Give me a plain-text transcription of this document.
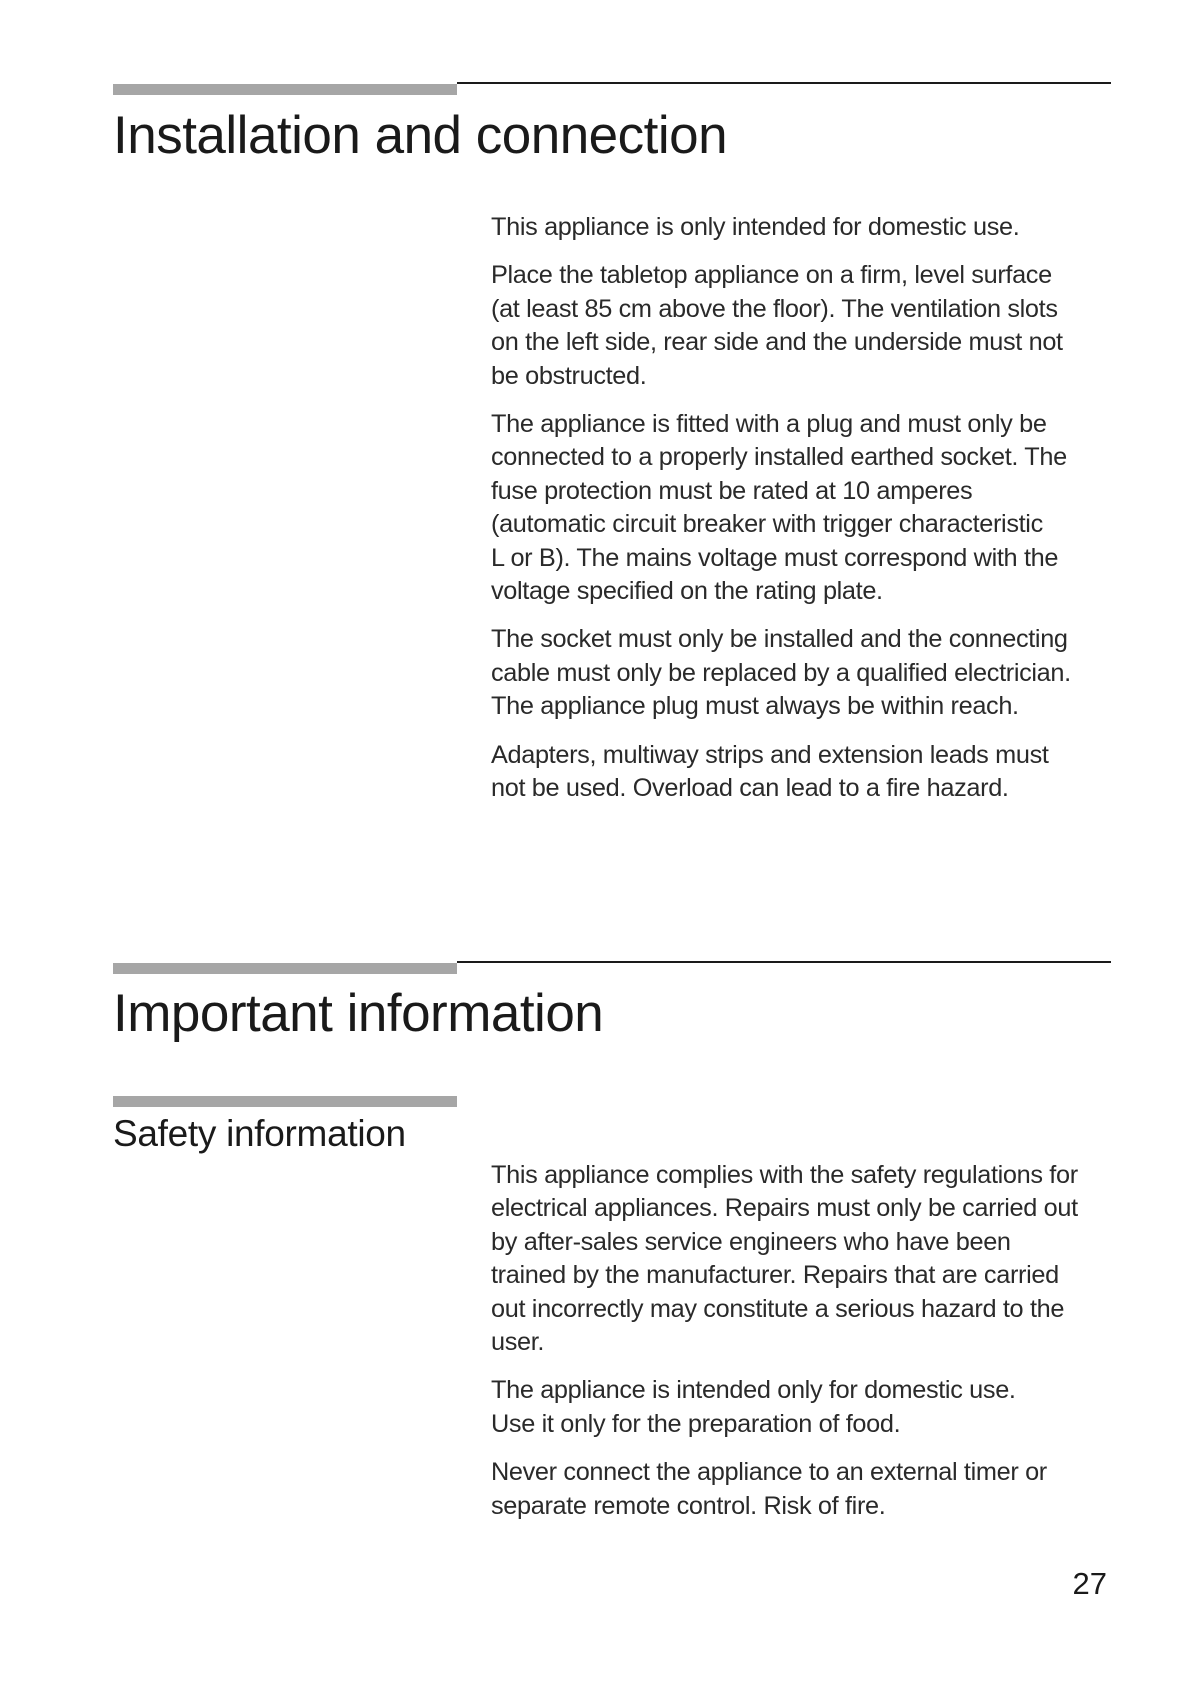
Installation and connection

This appliance is only intended for domestic use.

Place the tabletop appliance on a firm, level surface
(at least 85 cm above the floor). The ventilation slots
on the left side, rear side and the underside must not
be obstructed.

The appliance is fitted with a plug and must only be
connected to a properly installed earthed socket. The
fuse protection must be rated at 10 amperes
(automatic circuit breaker with trigger characteristic
L or B). The mains voltage must correspond with the
voltage specified on the rating plate.

The socket must only be installed and the connecting
cable must only be replaced by a qualified electrician.
The appliance plug must always be within reach.

Adapters, multiway strips and extension leads must
not be used. Overload can lead to a fire hazard.

Important information
Safety information

This appliance complies with the safety regulations for
electrical appliances. Repairs must only be carried out
by after-sales service engineers who have been
trained by the manufacturer. Repairs that are carried
out incorrectly may constitute a serious hazard to the
user.

The appliance is intended only for domestic use.
Use it only for the preparation of food.

Never connect the appliance to an external timer or
separate remote control. Risk of fire.

27
